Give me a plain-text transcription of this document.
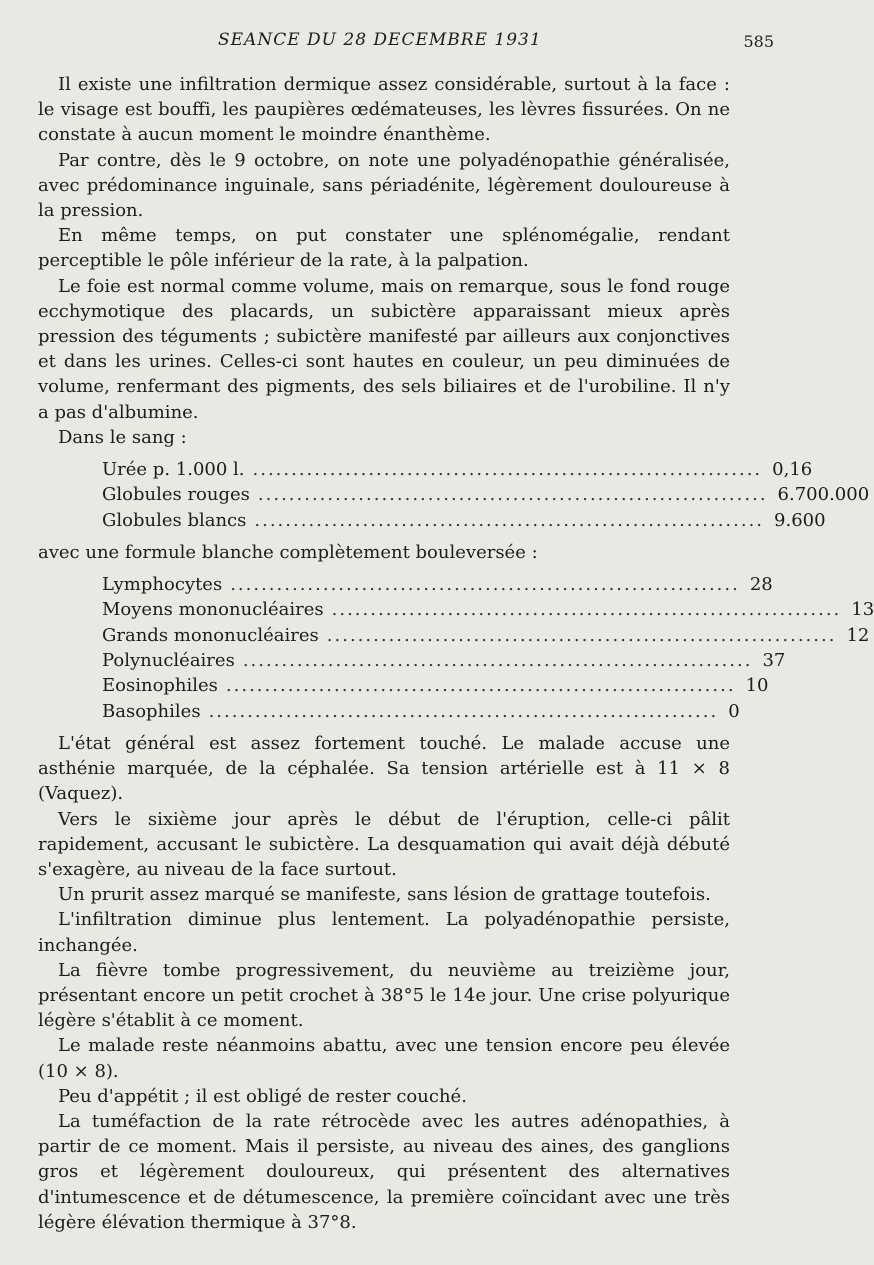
SEANCE DU 28 DECEMBRE 1931	585

Il existe une infiltration dermique assez considérable, surtout à la face : le visage est bouffi, les paupières œdémateuses, les lèvres fissurées. On ne constate à aucun moment le moindre énanthème.

Par contre, dès le 9 octobre, on note une polyadénopathie généralisée, avec prédominance inguinale, sans périadénite, légèrement douloureuse à la pression.

En même temps, on put constater une splénomégalie, rendant perceptible le pôle inférieur de la rate, à la palpation.

Le foie est normal comme volume, mais on remarque, sous le fond rouge ecchymotique des placards, un subictère apparaissant mieux après pression des téguments ; subictère manifesté par ailleurs aux conjonctives et dans les urines. Celles-ci sont hautes en couleur, un peu diminuées de volume, renfermant des pigments, des sels biliaires et de l'urobiline. Il n'y a pas d'albumine.

Dans le sang :

Urée p. 1.000 l. .................................................................. 0,16
Globules rouges .................................................................. 6.700.000
Globules blancs .................................................................. 9.600

avec une formule blanche complètement bouleversée :

Lymphocytes .................................................................. 28
Moyens mononucléaires .................................................................. 13
Grands mononucléaires .................................................................. 12
Polynucléaires .................................................................. 37
Eosinophiles .................................................................. 10
Basophiles .................................................................. 0

L'état général est assez fortement touché. Le malade accuse une asthénie marquée, de la céphalée. Sa tension artérielle est à 11 × 8 (Vaquez).

Vers le sixième jour après le début de l'éruption, celle-ci pâlit rapidement, accusant le subictère. La desquamation qui avait déjà débuté s'exagère, au niveau de la face surtout.

Un prurit assez marqué se manifeste, sans lésion de grattage toutefois.

L'infiltration diminue plus lentement. La polyadénopathie persiste, inchangée.

La fièvre tombe progressivement, du neuvième au treizième jour, présentant encore un petit crochet à 38°5 le 14e jour. Une crise polyurique légère s'établit à ce moment.

Le malade reste néanmoins abattu, avec une tension encore peu élevée (10 × 8).

Peu d'appétit ; il est obligé de rester couché.

La tuméfaction de la rate rétrocède avec les autres adénopathies, à partir de ce moment. Mais il persiste, au niveau des aines, des ganglions gros et légèrement douloureux, qui présentent des alternatives d'intumescence et de détumescence, la première coïncidant avec une très légère élévation thermique à 37°8.
